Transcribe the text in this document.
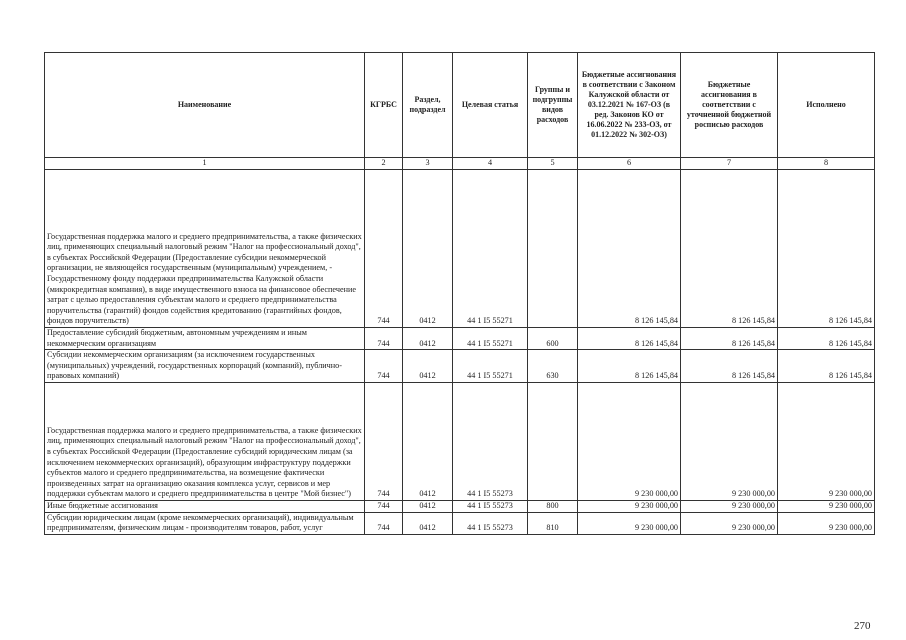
Наименование	КГРБС	Раздел, подраздел	Целевая статья	Группы и подгруппы видов расходов	Бюджетные ассигнования в соответствии с Законом Калужской области от 03.12.2021 № 167-ОЗ (в ред. Законов КО от 16.06.2022 № 233-ОЗ, от 01.12.2022 № 302-ОЗ)	Бюджетные ассигнования в соответствии с уточненной бюджетной росписью расходов	Исполнено
1	2	3	4	5	6	7	8
Государственная поддержка малого и среднего предпринимательства, а также физических лиц, применяющих специальный налоговый режим "Налог на профессиональный доход", в субъектах Российской Федерации (Предоставление субсидии некоммерческой организации, не являющейся государственным (муниципальным) учреждением, - Государственному фонду поддержки предпринимательства Калужской области (микрокредитная компания), в виде имущественного взноса на финансовое обеспечение затрат с целью предоставления субъектам малого и среднего предпринимательства поручительства (гарантий) фондов содействия кредитованию (гарантийных фондов, фондов поручительств)	744	0412	44 1 I5 55271		8 126 145,84	8 126 145,84	8 126 145,84
Предоставление субсидий бюджетным, автономным учреждениям и иным некоммерческим организациям	744	0412	44 1 I5 55271	600	8 126 145,84	8 126 145,84	8 126 145,84
Субсидии некоммерческим организациям (за исключением государственных (муниципальных) учреждений, государственных корпораций (компаний), публично-правовых компаний)	744	0412	44 1 I5 55271	630	8 126 145,84	8 126 145,84	8 126 145,84
Государственная поддержка малого и среднего предпринимательства, а также физических лиц, применяющих специальный налоговый режим "Налог на профессиональный доход", в субъектах Российской Федерации (Предоставление субсидий юридическим лицам (за исключением некоммерческих организаций), образующим инфраструктуру поддержки субъектов малого и среднего предпринимательства, на возмещение фактически произведенных затрат на организацию оказания комплекса услуг, сервисов и мер поддержки субъектам малого и среднего предпринимательства в центре "Мой бизнес")	744	0412	44 1 I5 55273		9 230 000,00	9 230 000,00	9 230 000,00
Иные бюджетные ассигнования	744	0412	44 1 I5 55273	800	9 230 000,00	9 230 000,00	9 230 000,00
Субсидии юридическим лицам (кроме некоммерческих организаций), индивидуальным предпринимателям, физическим лицам - производителям товаров, работ, услуг	744	0412	44 1 I5 55273	810	9 230 000,00	9 230 000,00	9 230 000,00
270
